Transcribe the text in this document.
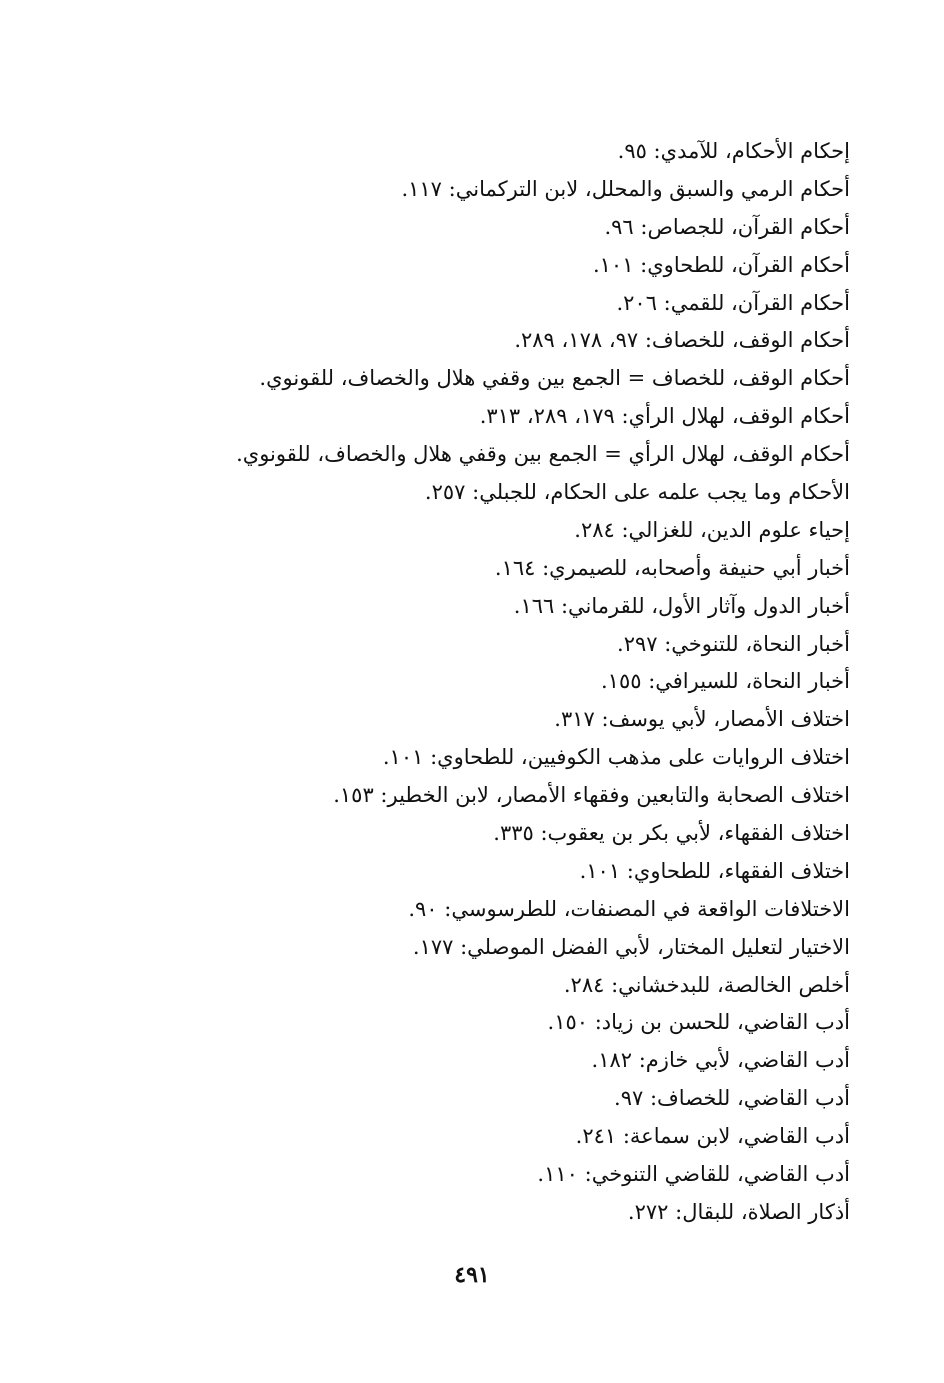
إحكام الأحكام، للآمدي: ٩٥.
أحكام الرمي والسبق والمحلل، لابن التركماني: ١١٧.
أحكام القرآن، للجصاص: ٩٦.
أحكام القرآن، للطحاوي: ١٠١.
أحكام القرآن، للقمي: ٢٠٦.
أحكام الوقف، للخصاف: ٩٧، ١٧٨، ٢٨٩.
أحكام الوقف، للخصاف = الجمع بين وقفي هلال والخصاف، للقونوي.
أحكام الوقف، لهلال الرأي: ١٧٩، ٢٨٩، ٣١٣.
أحكام الوقف، لهلال الرأي = الجمع بين وقفي هلال والخصاف، للقونوي.
الأحكام وما يجب علمه على الحكام، للجبلي: ٢٥٧.
إحياء علوم الدين، للغزالي: ٢٨٤.
أخبار أبي حنيفة وأصحابه، للصيمري: ١٦٤.
أخبار الدول وآثار الأول، للقرماني: ١٦٦.
أخبار النحاة، للتنوخي: ٢٩٧.
أخبار النحاة، للسيرافي: ١٥٥.
اختلاف الأمصار، لأبي يوسف: ٣١٧.
اختلاف الروايات على مذهب الكوفيين، للطحاوي: ١٠١.
اختلاف الصحابة والتابعين وفقهاء الأمصار، لابن الخطير: ١٥٣.
اختلاف الفقهاء، لأبي بكر بن يعقوب: ٣٣٥.
اختلاف الفقهاء، للطحاوي: ١٠١.
الاختلافات الواقعة في المصنفات، للطرسوسي: ٩٠.
الاختيار لتعليل المختار، لأبي الفضل الموصلي: ١٧٧.
أخلص الخالصة، للبدخشاني: ٢٨٤.
أدب القاضي، للحسن بن زياد: ١٥٠.
أدب القاضي، لأبي خازم: ١٨٢.
أدب القاضي، للخصاف: ٩٧.
أدب القاضي، لابن سماعة: ٢٤١.
أدب القاضي، للقاضي التنوخي: ١١٠.
أذكار الصلاة، للبقال: ٢٧٢.
٤٩١
